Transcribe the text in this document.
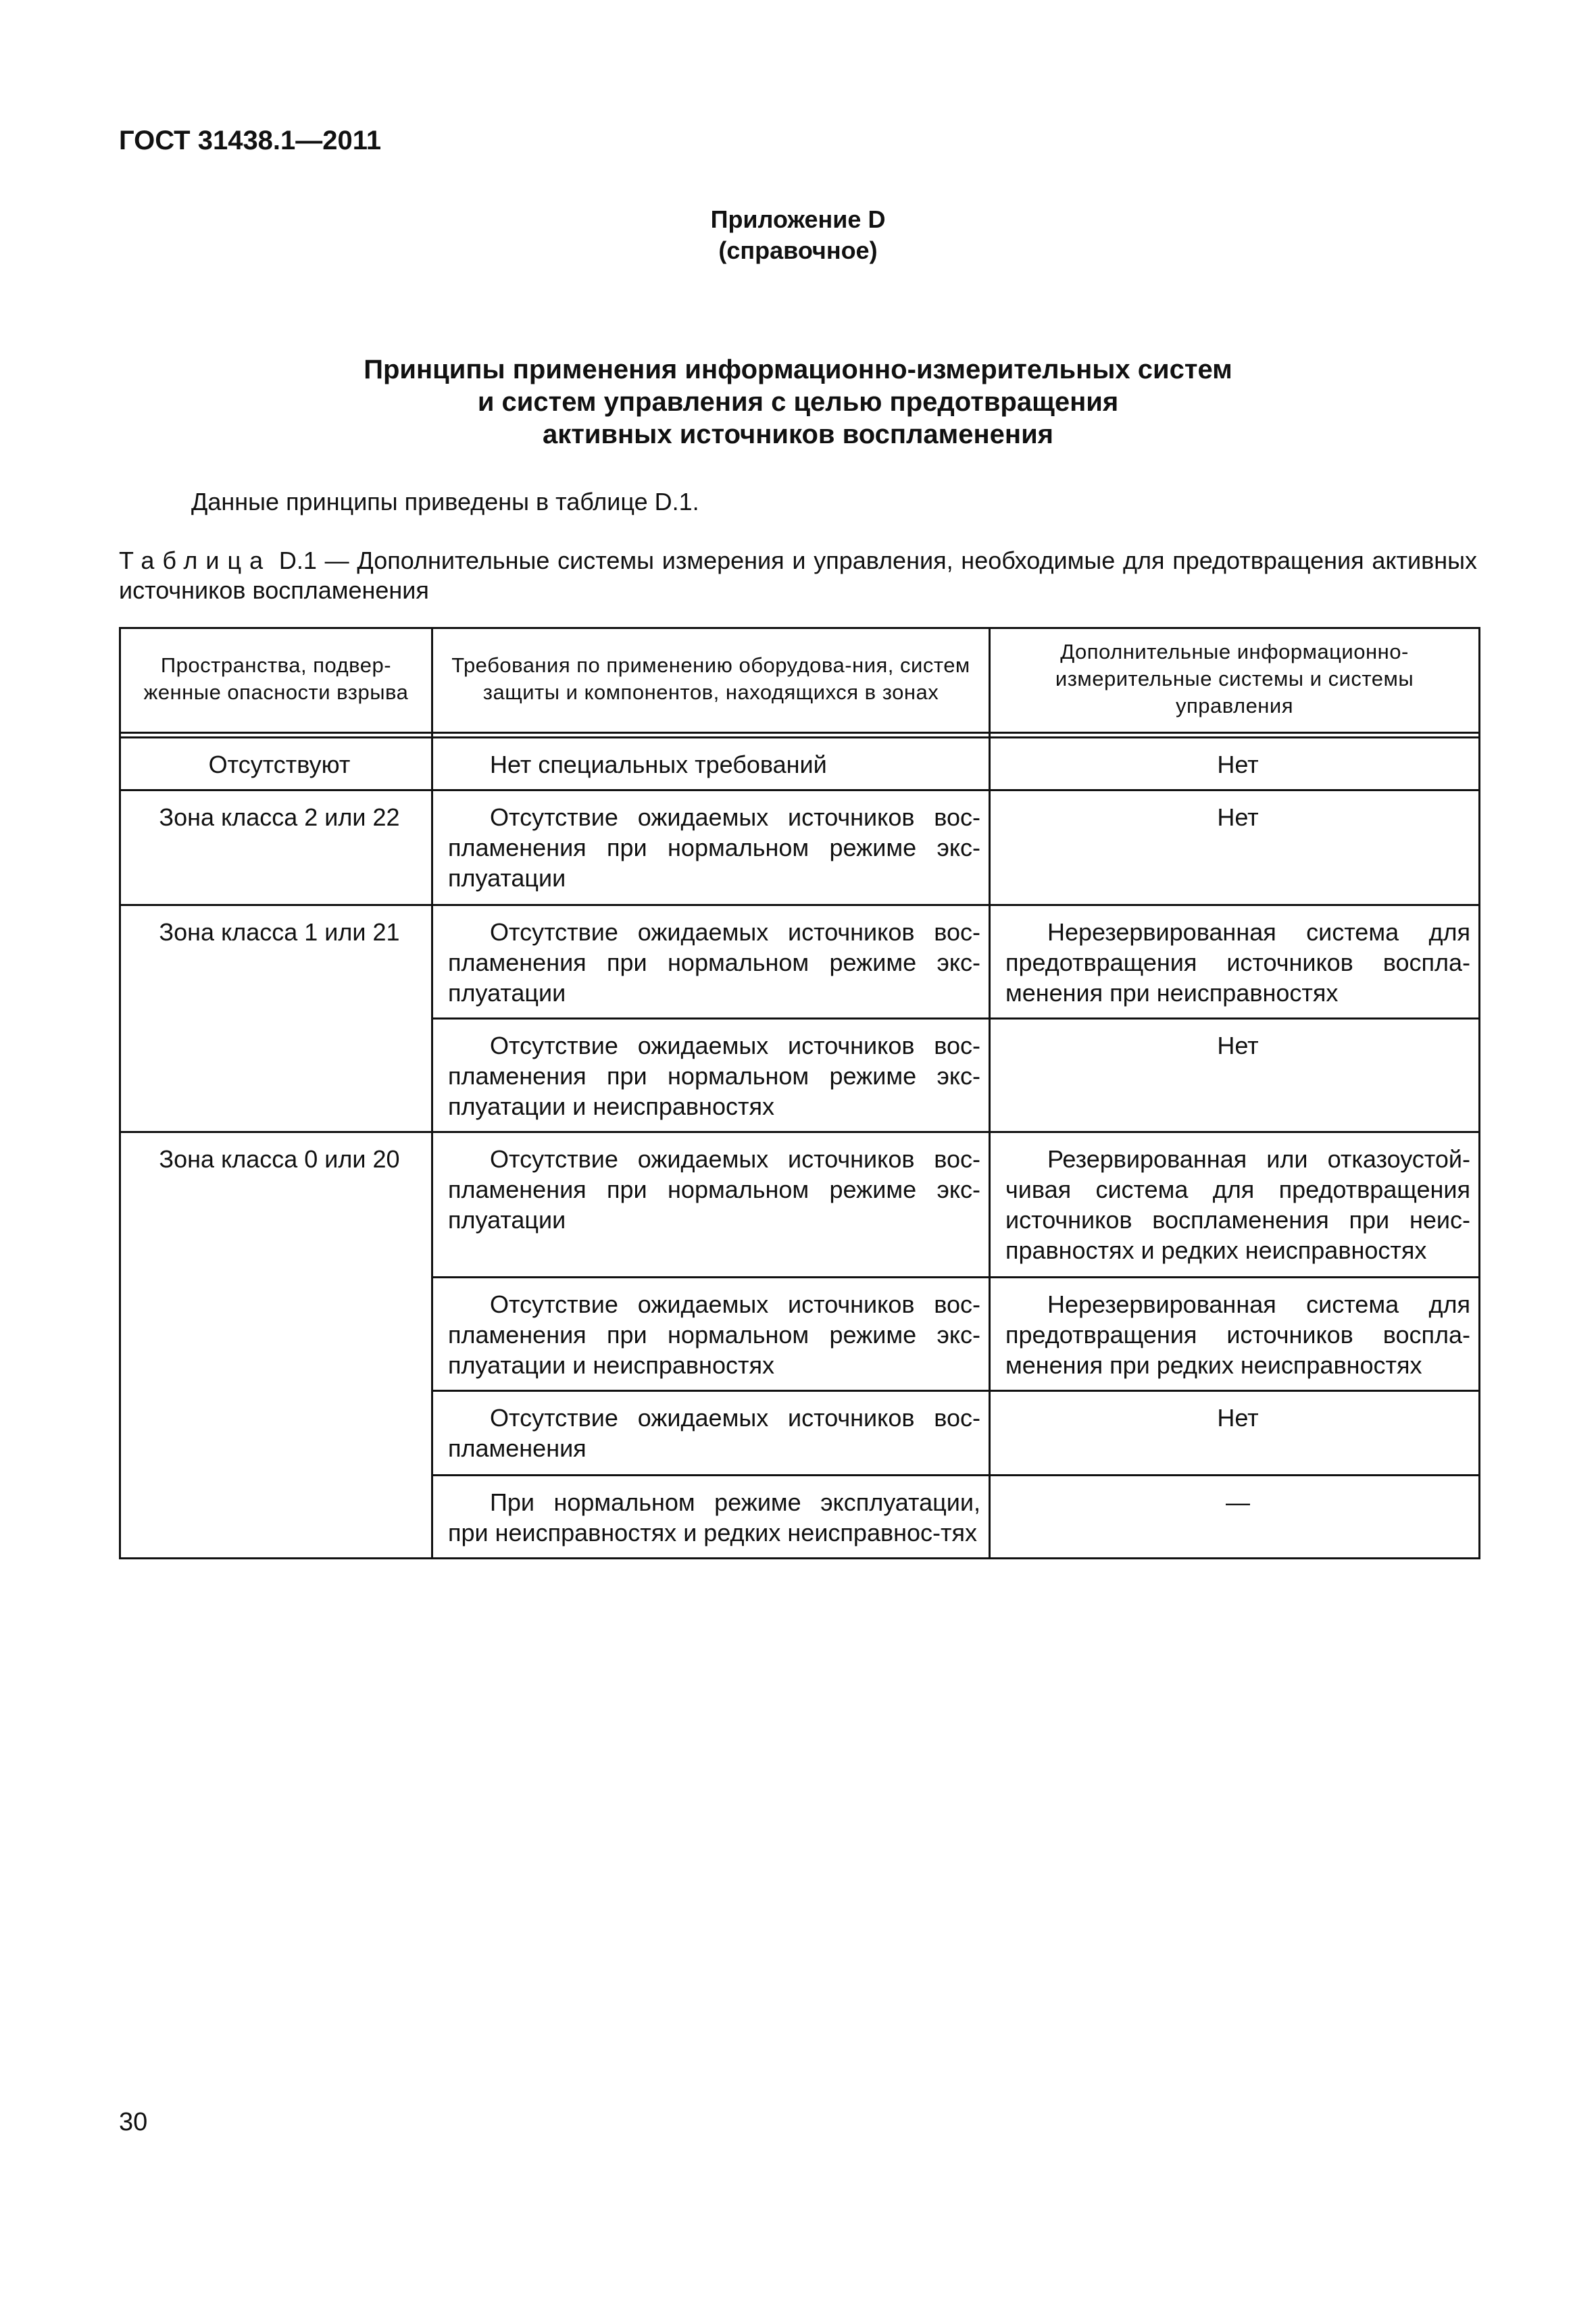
ГОСТ 31438.1—2011
Приложение D
(справочное)
Принципы применения информационно-измерительных систем
и систем управления с целью предотвращения
активных источников воспламенения
Данные принципы приведены в таблице D.1.
Таблица D.1 — Дополнительные системы измерения и управления, необходимые для предотвращения активных источников воспламенения
Пространства, подвер-женные опасности взрыва	Требования по применению оборудова-ния, систем защиты и компонентов, находящихся в зонах	Дополнительные информационно-измерительные системы и системы управления

Отсутствуют	Нет специальных требований	Нет
Зона класса 2 или 22	Отсутствие ожидаемых источников вос-пламенения при нормальном режиме экс-плуатации	Нет
Зона класса 1 или 21	Отсутствие ожидаемых источников вос-пламенения при нормальном режиме экс-плуатации	Нерезервированная система для предотвращения источников воспла-менения при неисправностях
	Отсутствие ожидаемых источников вос-пламенения при нормальном режиме экс-плуатации и неисправностях	Нет
Зона класса 0 или 20	Отсутствие ожидаемых источников вос-пламенения при нормальном режиме экс-плуатации	Резервированная или отказоустой-чивая система для предотвращения источников воспламенения при неис-правностях и редких неисправностях
	Отсутствие ожидаемых источников вос-пламенения при нормальном режиме экс-плуатации и неисправностях	Нерезервированная система для предотвращения источников воспла-менения при редких неисправностях
	Отсутствие ожидаемых источников вос-пламенения	Нет
	При нормальном режиме эксплуатации, при неисправностях и редких неисправнос-тях	—
30
